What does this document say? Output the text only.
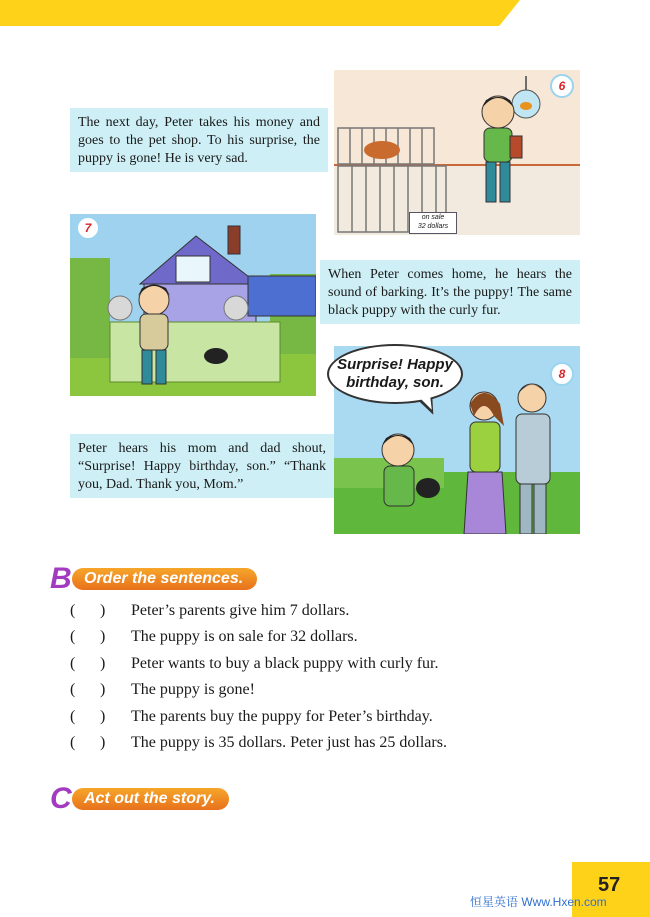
The next day, Peter takes his money and goes to the pet shop. To his surprise, the puppy is gone! He is very sad.

6
on sale
32 dollars
7

When Peter comes home, he hears the sound of barking. It’s the puppy! The same black puppy with the curly fur.

8
Surprise! Happy
birthday, son.

Peter hears his mom and dad shout, “Surprise! Happy birthday, son.” “Thank you, Dad. Thank you, Mom.”

B Order the sentences.
( ) Peter’s parents give him 7 dollars.
( ) The puppy is on sale for 32 dollars.
( ) Peter wants to buy a black puppy with curly fur.
( ) The puppy is gone!
( ) The parents buy the puppy for Peter’s birthday.
( ) The puppy is 35 dollars. Peter just has 25 dollars.
C Act out the story.
57
恒星英语 Www.Hxen.com
